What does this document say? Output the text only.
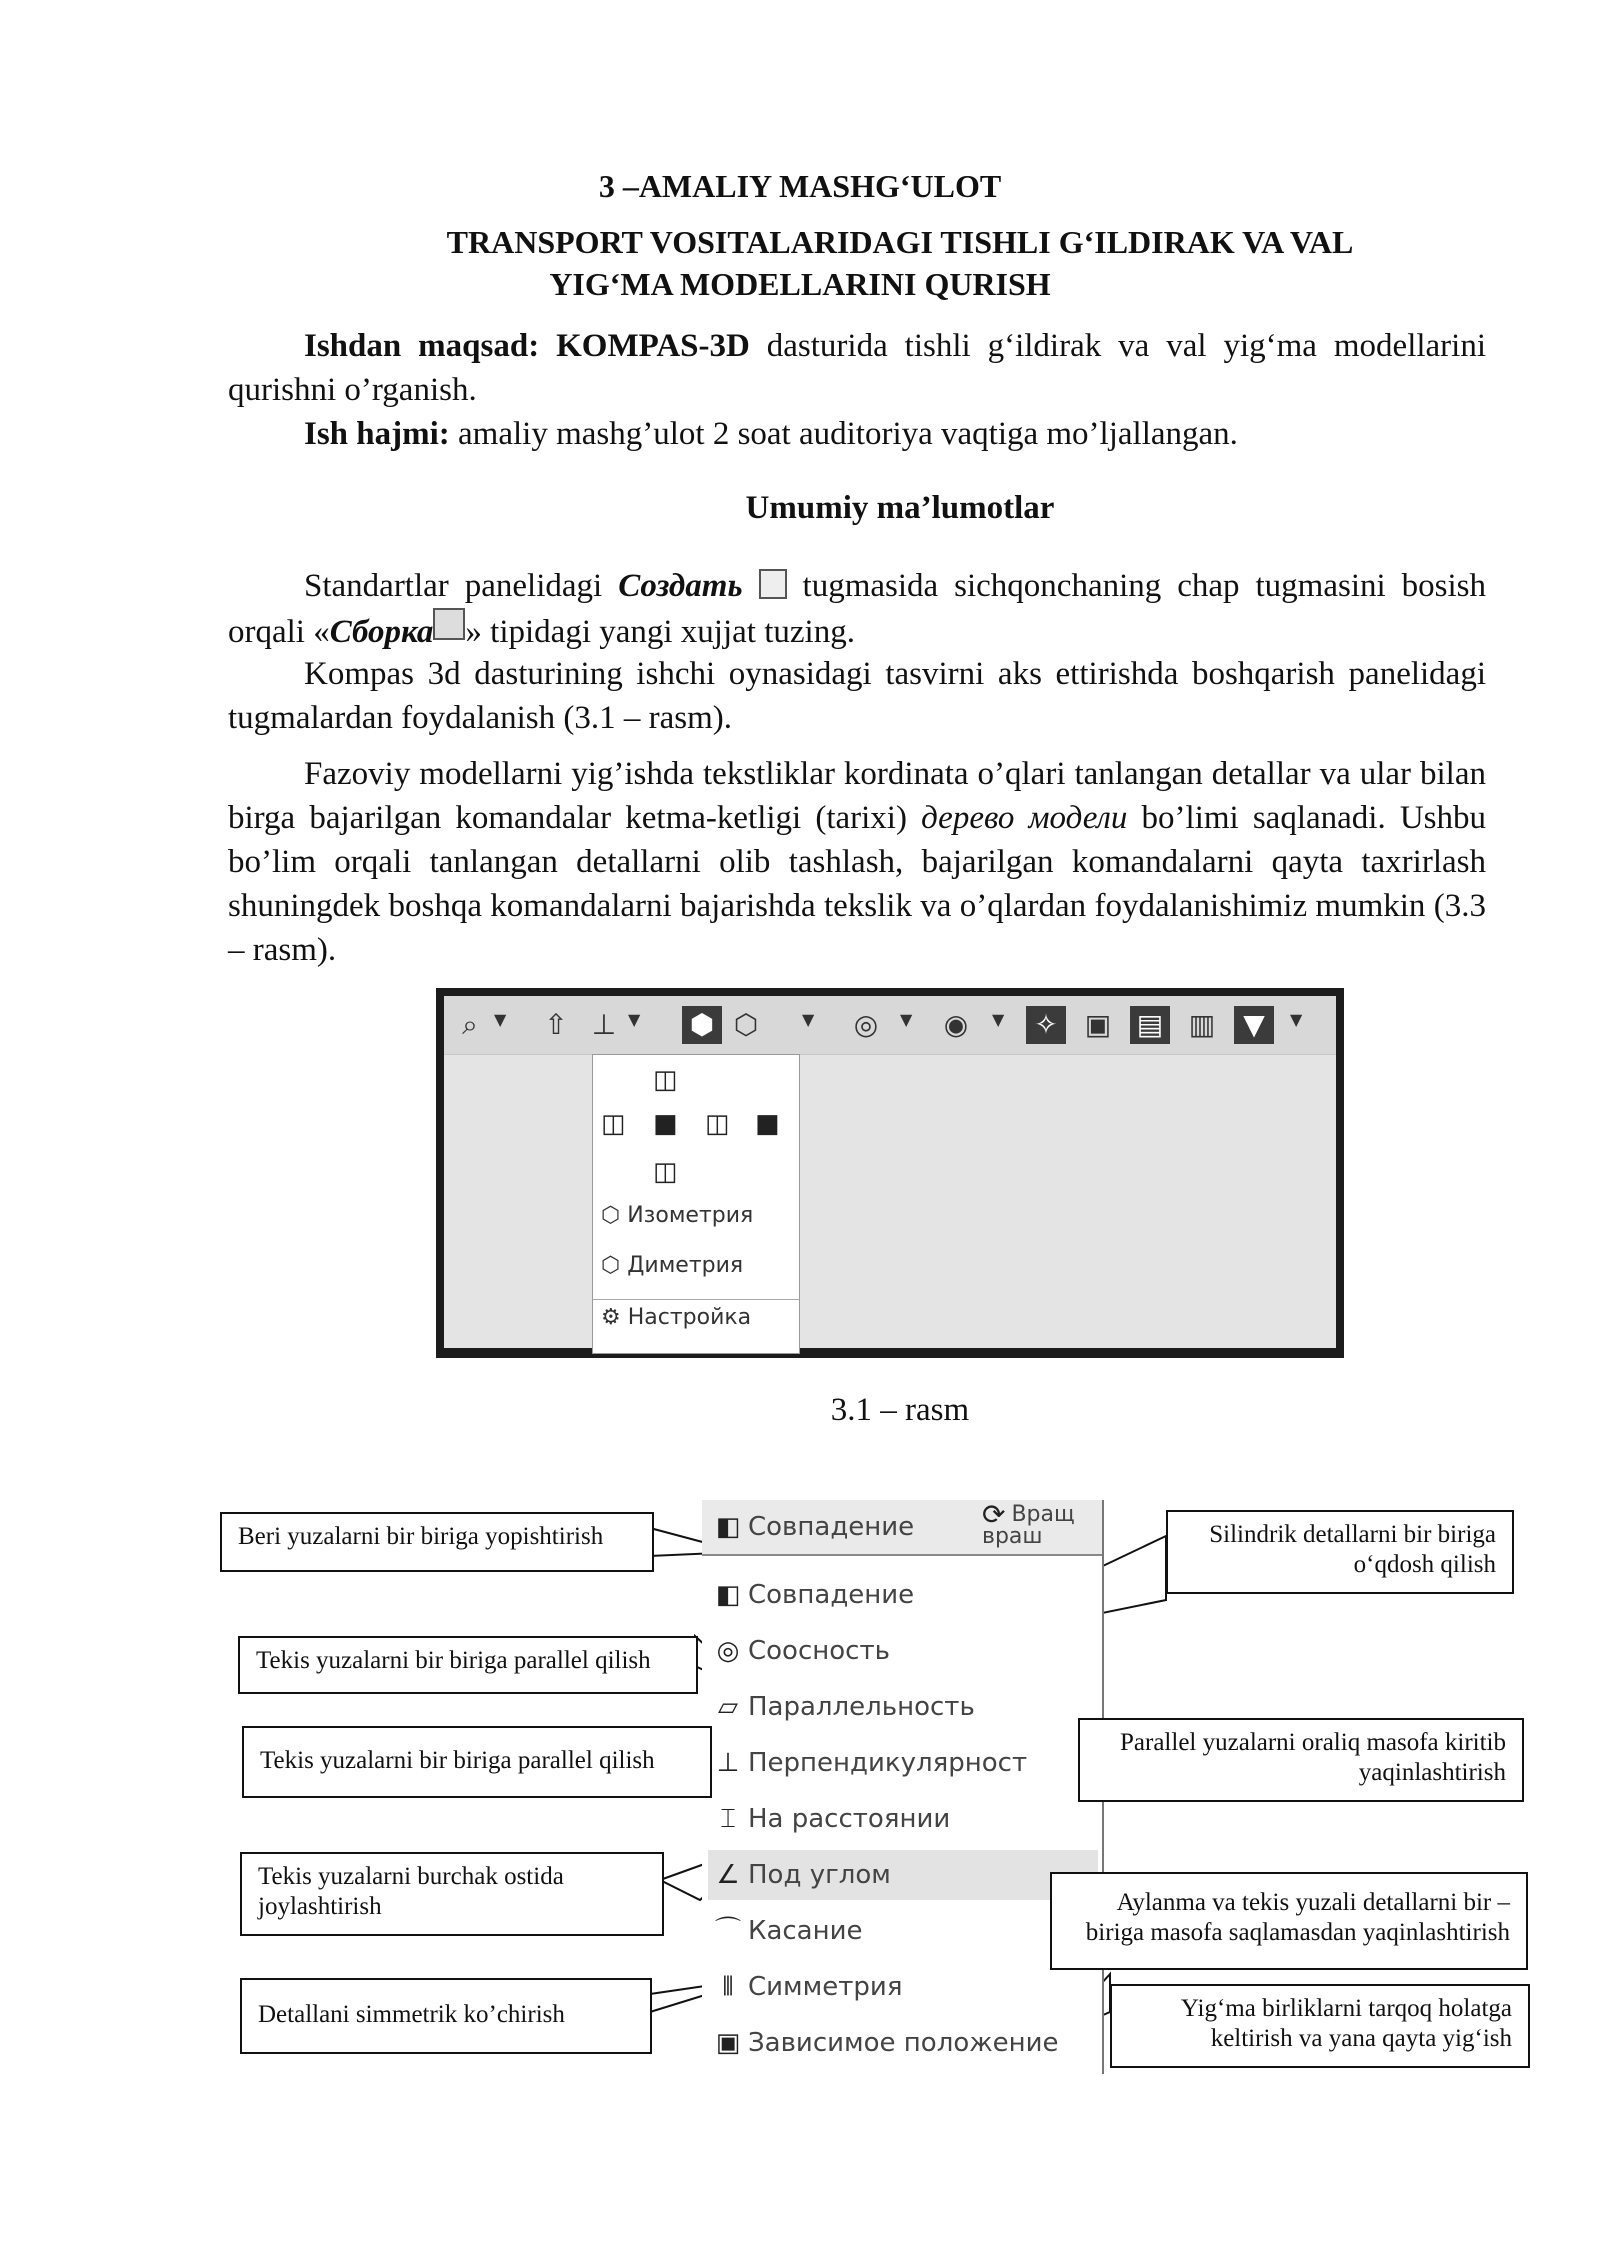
3 –AMALIY MASHG‘ULOT
TRANSPORT VOSITALARIDAGI TISHLI G‘ILDIRAK VA VAL
YIG‘MA MODELLARINI QURISH
Ishdan maqsad: KOMPAS-3D dasturida tishli g‘ildirak va val yig‘ma modellarini qurishni o’rganish.
Ish hajmi: amaliy mashg’ulot 2 soat auditoriya vaqtiga mo’ljallangan.
Umumiy ma’lumotlar
Standartlar panelidagi Создать  tugmasida sichqonchaning chap tugmasini bosish orqali «Сборка » tipidagi yangi xujjat tuzing.
Kompas 3d dasturining ishchi oynasidagi tasvirni aks ettirishda boshqarish panelidagi tugmalardan foydalanish (3.1 – rasm).
Fazoviy modellarni yig’ishda tekstliklar kordinata o’qlari tanlangan detallar va ular bilan birga bajarilgan komandalar ketma-ketligi (tarixi) дерево модели bo’limi saqlanadi. Ushbu bo’lim orqali tanlangan detallarni olib tashlash, bajarilgan komandalarni qayta taxrirlash shuningdek boshqa komandalarni bajarishda tekslik va o’qlardan foydalanishimiz mumkin (3.3 – rasm).
⌕	▼ ⇧ ⊥ ▼ ⬢ ⬡	▼ ◎	▼ ◉	▼ ✧ ▣ ▤ ▥ ▼	▼
◫
◫ ■ ◫ ■
◫
⬡ Изометрия
⬡ Диметрия
⚙ Настройка
3.1 – rasm
◧ Совпадение	⟳ Вращ
враш
◧ Совпадение
◎ Соосность
▱ Параллельность
⊥ Перпендикулярност
⌶ На расстоянии
∠ Под углом
⌒ Касание
⫴ Симметрия
▣ Зависимое положение
Beri yuzalarni bir biriga yopishtirish
Tekis yuzalarni bir biriga parallel qilish
Tekis yuzalarni bir biriga parallel qilish
Tekis yuzalarni burchak ostida joylashtirish
Detallani simmetrik ko’chirish
Silindrik detallarni bir biriga o‘qdosh qilish
Parallel yuzalarni oraliq masofa kiritib yaqinlashtirish
Aylanma va tekis yuzali detallarni bir – biriga masofa saqlamasdan yaqinlashtirish
Yig‘ma birliklarni tarqoq holatga keltirish va yana qayta yig‘ish
